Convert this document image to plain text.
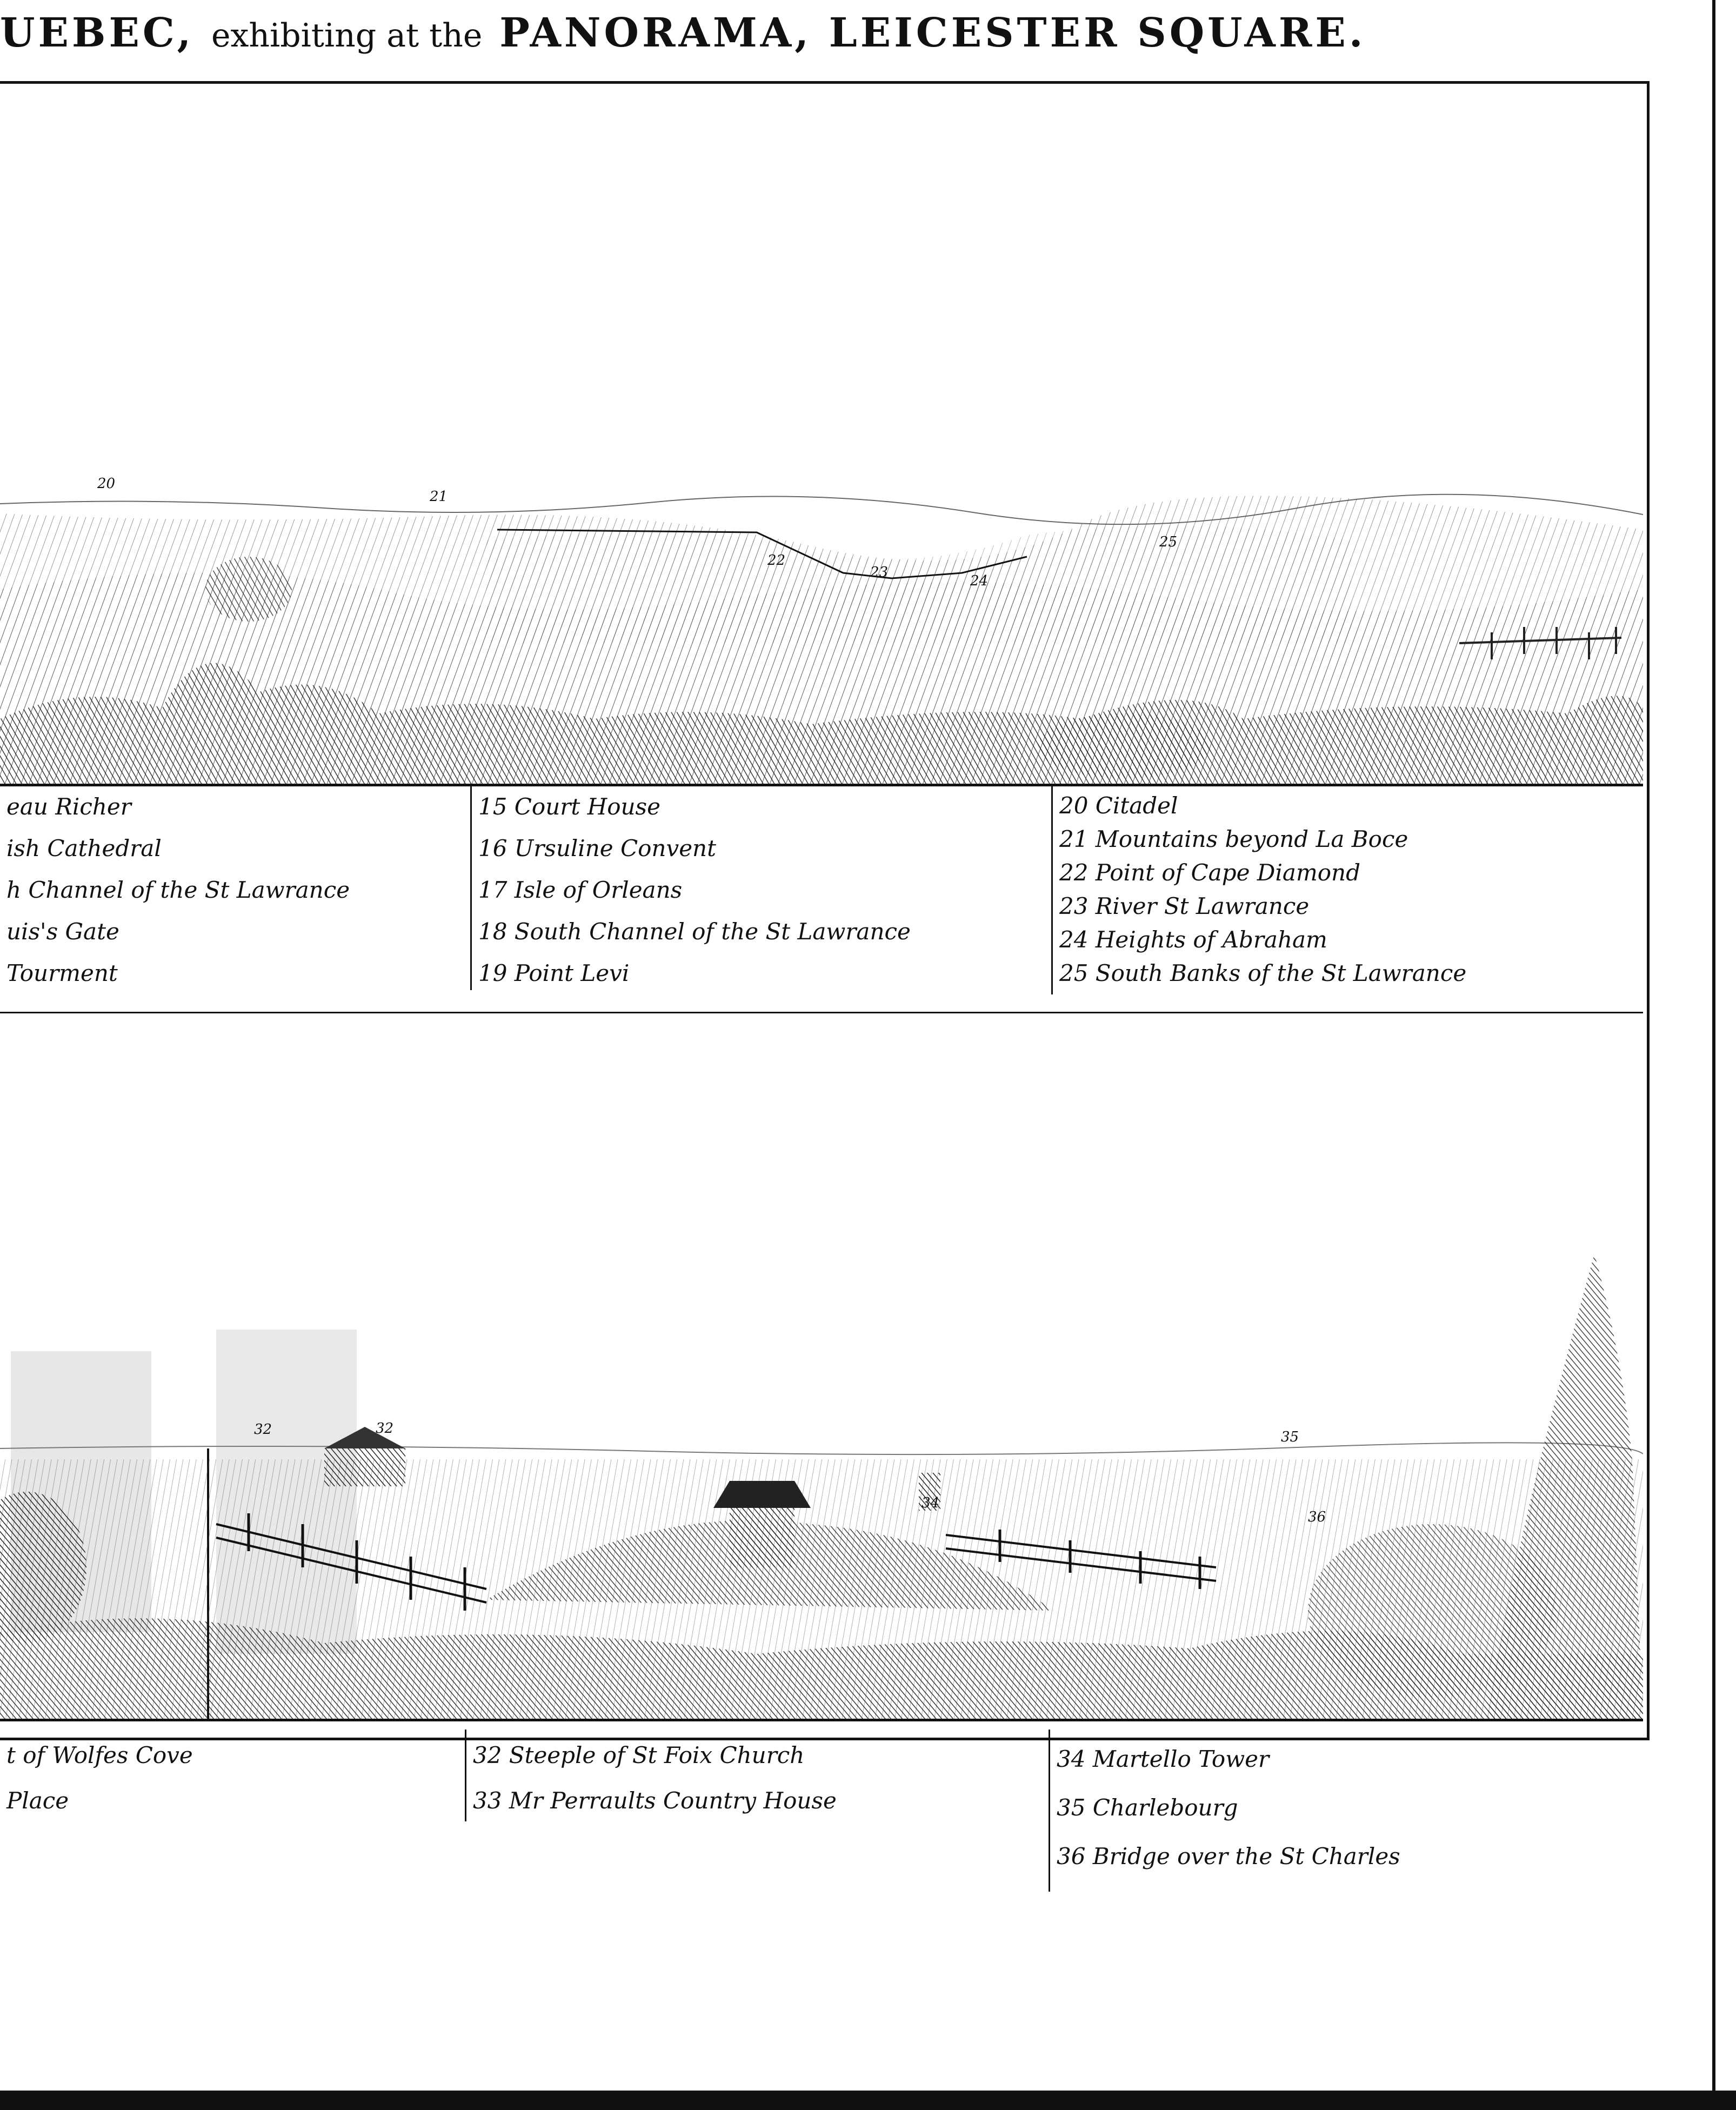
UEBEC, exhibiting at the PANORAMA, LEICESTER SQUARE.
20
21
22
23
24
25
eau Richer
ish Cathedral
h Channel of the St Lawrance
uis's Gate
Tourment
15 Court House
16 Ursuline Convent
17 Isle of Orleans
18 South Channel of the St Lawrance
19 Point Levi
20 Citadel
21 Mountains beyond La Boce
22 Point of Cape Diamond
23 River St Lawrance
24 Heights of Abraham
25 South Banks of the St Lawrance
32	32
34
35
36
t of Wolfes Cove
Place
32 Steeple of St Foix Church
33 Mr Perraults Country House
34 Martello Tower
35 Charlebourg
36 Bridge over the St Charles
